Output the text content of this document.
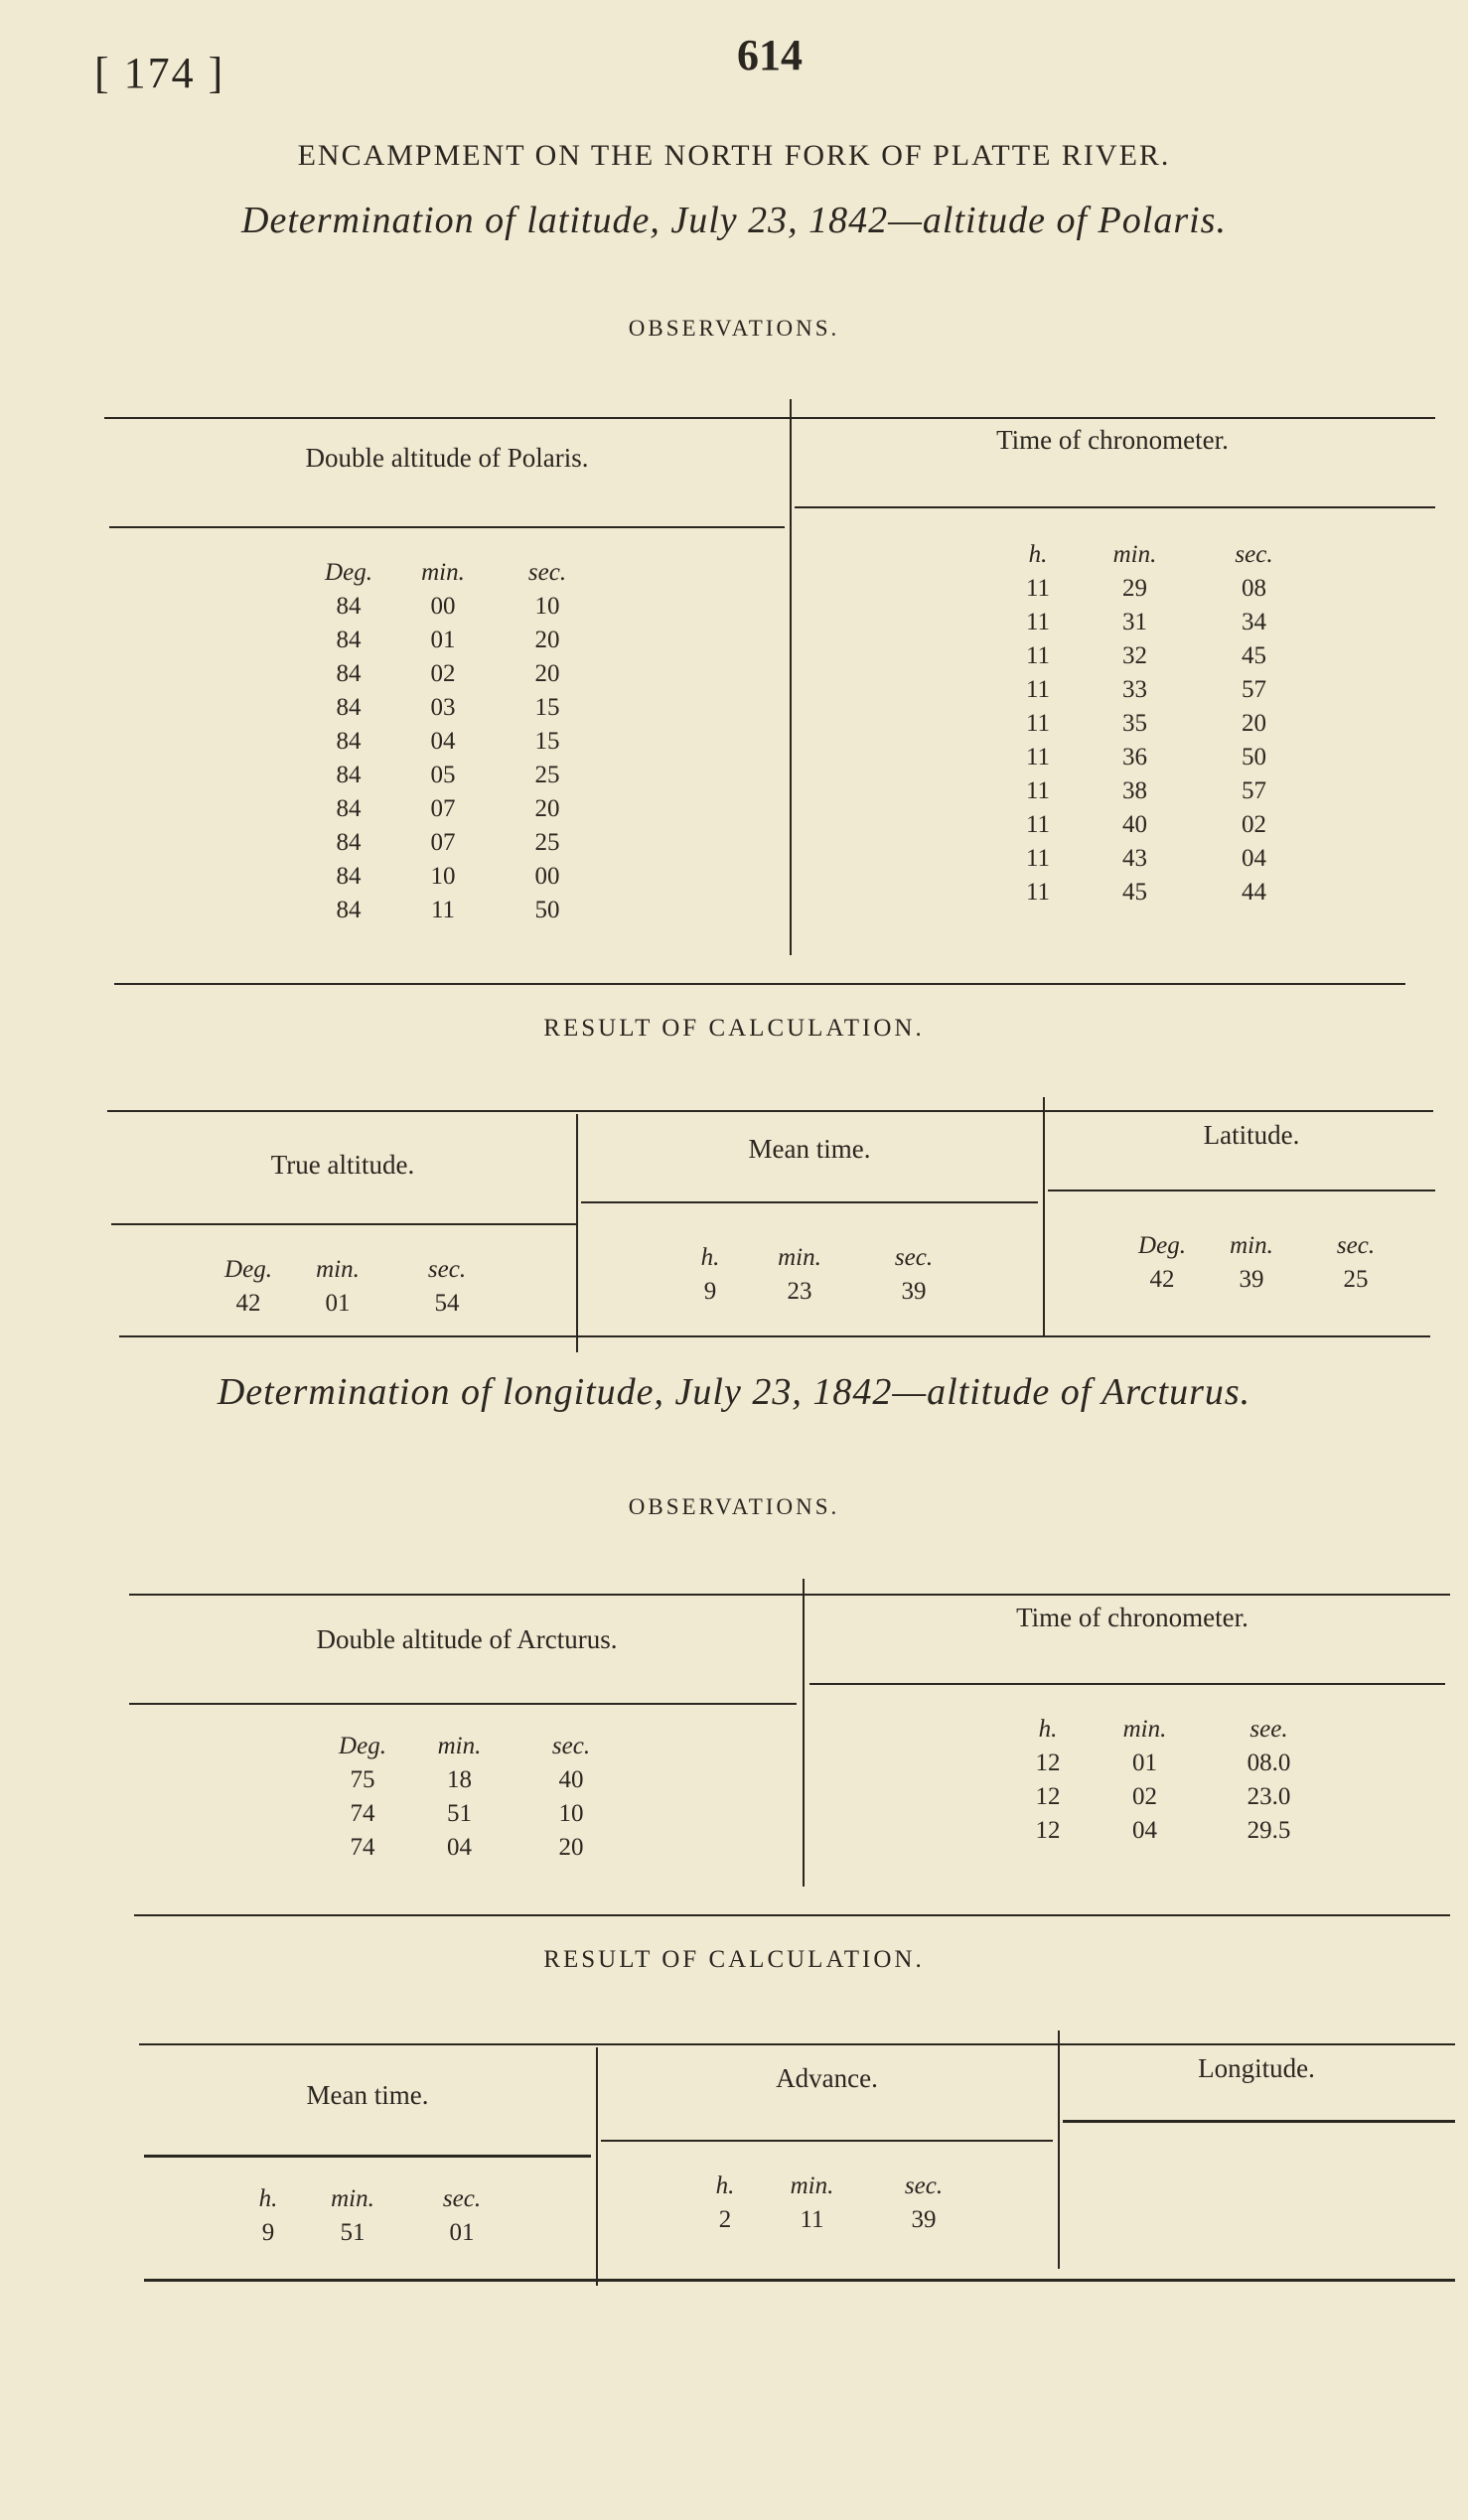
[ 174 ]	614
ENCAMPMENT ON THE NORTH FORK OF PLATTE RIVER.
Determination of latitude, July 23, 1842—altitude of Polaris.
OBSERVATIONS.
Double altitude of Polaris.
Time of chronometer.
Deg.	min.	sec.
84	00	10
84	01	20
84	02	20
84	03	15
84	04	15
84	05	25
84	07	20
84	07	25
84	10	00
84	11	50
h.	min.	sec.
11	29	08
11	31	34
11	32	45
11	33	57
11	35	20
11	36	50
11	38	57
11	40	02
11	43	04
11	45	44
RESULT OF CALCULATION.
True altitude.
Mean time.	Latitude.
Deg.	min.	sec.
42	01	54
h.	min.	sec.
9	23	39
Deg.	min.	sec.
42	39	25
Determination of longitude, July 23, 1842—altitude of Arcturus.
OBSERVATIONS.
Double altitude of Arcturus.
Time of chronometer.
Deg.	min.	sec.
75	18	40
74	51	10
74	04	20
h.	min.	see.
12	01	08.0
12	02	23.0
12	04	29.5
RESULT OF CALCULATION.
Mean time.
Advance.	Longitude.
h.	min.	sec.
9	51	01
h.	min.	sec.
2	11	39
